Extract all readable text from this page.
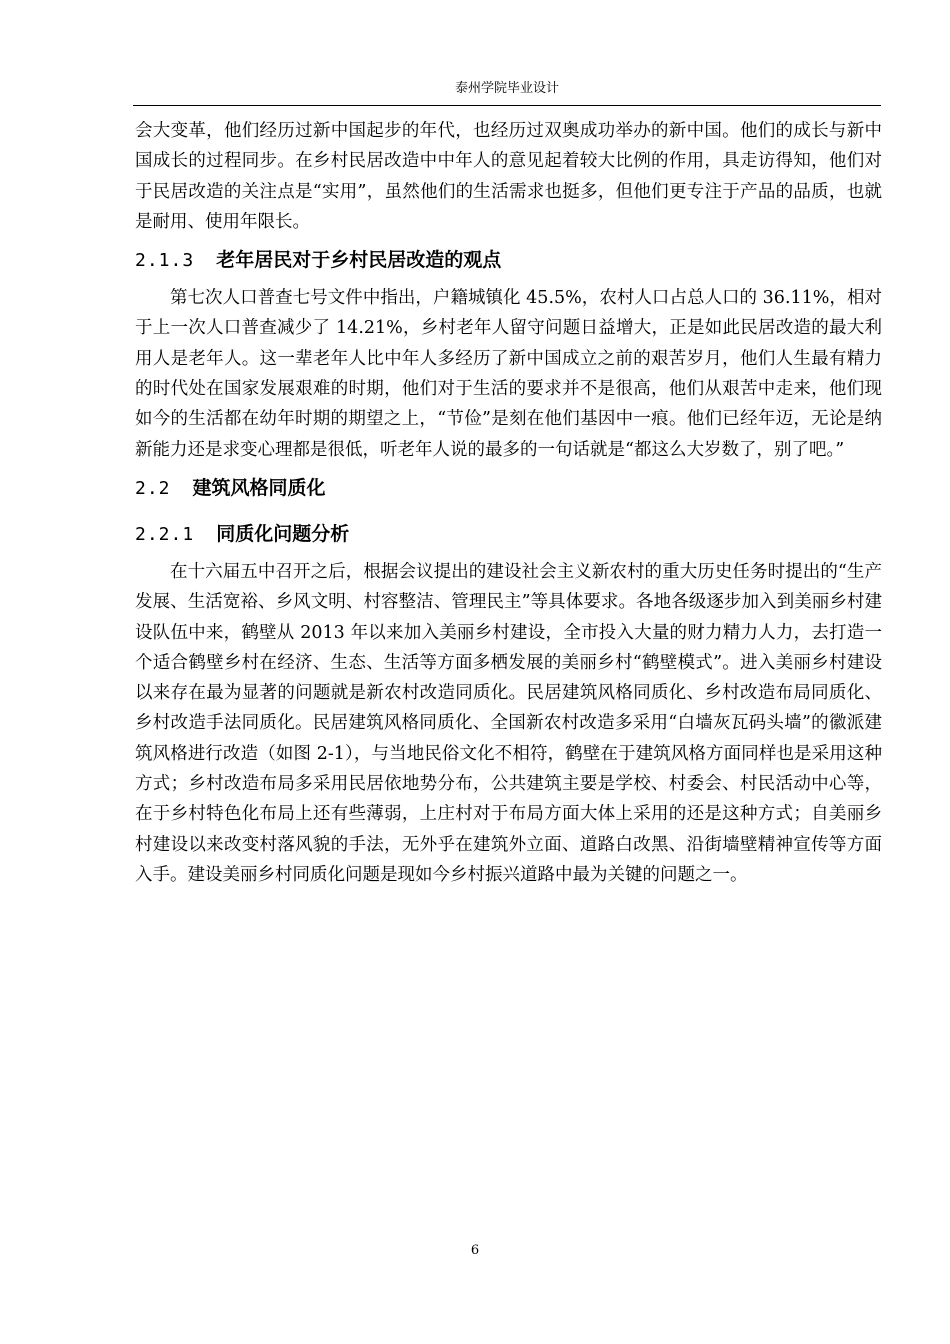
泰州学院毕业设计

会大变革，他们经历过新中国起步的年代，也经历过双奥成功举办的新中国。他们的成长与新中国成长的过程同步。在乡村民居改造中中年人的意见起着较大比例的作用，具走访得知，他们对于民居改造的关注点是“实用”，虽然他们的生活需求也挺多，但他们更专注于产品的品质，也就是耐用、使用年限长。

2.1.3 老年居民对于乡村民居改造的观点

第七次人口普查七号文件中指出，户籍城镇化 45.5%，农村人口占总人口的 36.11%，相对于上一次人口普查减少了 14.21%，乡村老年人留守问题日益增大，正是如此民居改造的最大利用人是老年人。这一辈老年人比中年人多经历了新中国成立之前的艰苦岁月，他们人生最有精力的时代处在国家发展艰难的时期，他们对于生活的要求并不是很高，他们从艰苦中走来，他们现如今的生活都在幼年时期的期望之上，“节俭”是刻在他们基因中一痕。他们已经年迈，无论是纳新能力还是求变心理都是很低，听老年人说的最多的一句话就是“都这么大岁数了，别了吧。”

2.2 建筑风格同质化
2.2.1 同质化问题分析

在十六届五中召开之后，根据会议提出的建设社会主义新农村的重大历史任务时提出的“生产发展、生活宽裕、乡风文明、村容整洁、管理民主”等具体要求。各地各级逐步加入到美丽乡村建设队伍中来，鹤壁从 2013 年以来加入美丽乡村建设，全市投入大量的财力精力人力，去打造一个适合鹤壁乡村在经济、生态、生活等方面多栖发展的美丽乡村“鹤壁模式”。进入美丽乡村建设以来存在最为显著的问题就是新农村改造同质化。民居建筑风格同质化、乡村改造布局同质化、乡村改造手法同质化。民居建筑风格同质化、全国新农村改造多采用“白墙灰瓦码头墙”的徽派建筑风格进行改造（如图 2-1），与当地民俗文化不相符，鹤壁在于建筑风格方面同样也是采用这种方式；乡村改造布局多采用民居依地势分布，公共建筑主要是学校、村委会、村民活动中心等，在于乡村特色化布局上还有些薄弱，上庄村对于布局方面大体上采用的还是这种方式；自美丽乡村建设以来改变村落风貌的手法，无外乎在建筑外立面、道路白改黑、沿街墙壁精神宣传等方面入手。建设美丽乡村同质化问题是现如今乡村振兴道路中最为关键的问题之一。

6
